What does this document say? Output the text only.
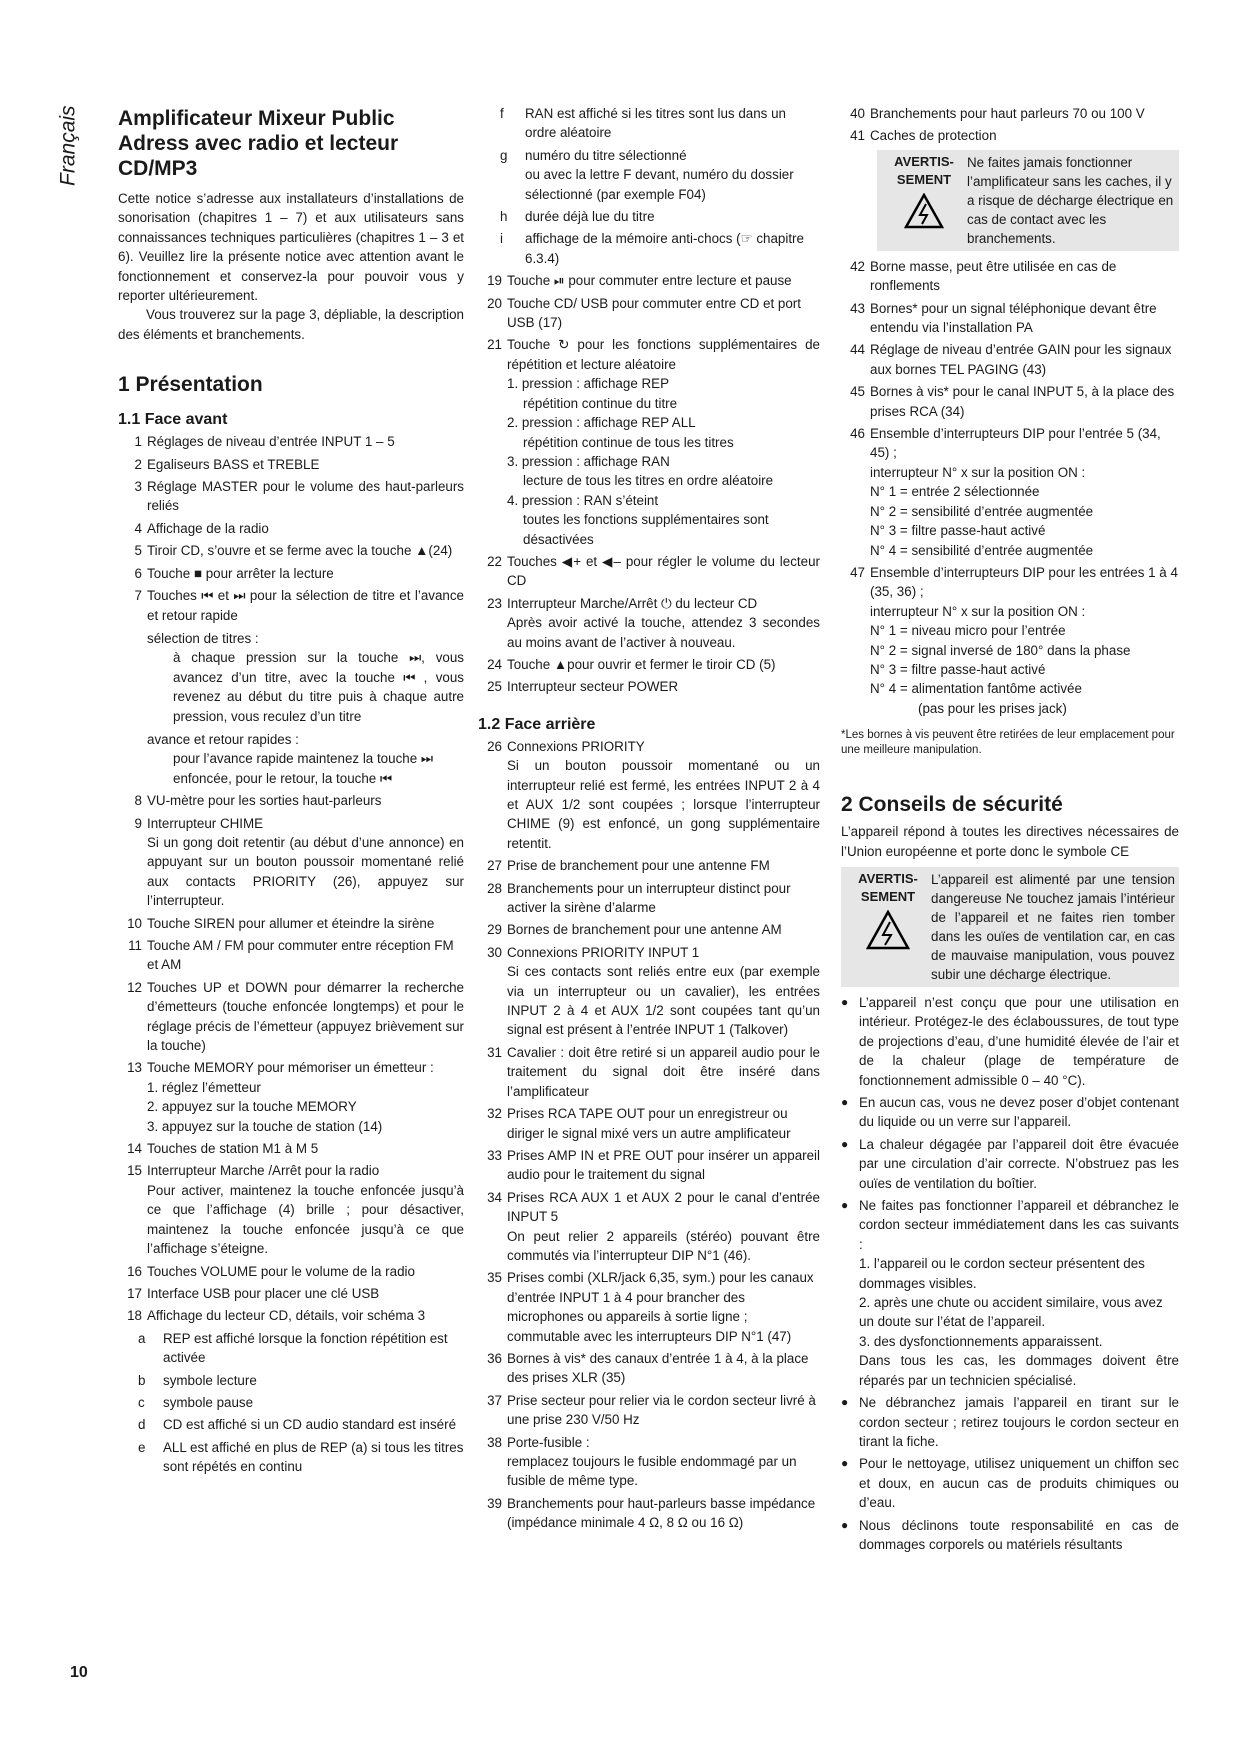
Français Amplificateur Mixeur Public Adress avec radio et lecteur CD/MP3

Cette notice s’adresse aux installateurs d’installations de sonorisation (chapitres 1 – 7) et aux utilisateurs sans connaissances techniques particulières (chapitres 1 – 3 et 6). Veuillez lire la présente notice avec attention avant le fonctionnement et conservez-la pour pouvoir vous y reporter ultérieurement.

Vous trouverez sur la page 3, dépliable, la description des éléments et branchements.

1 Présentation
1.1 Face avant
1 Réglages de niveau d’entrée INPUT 1 – 5
2 Egaliseurs BASS et TREBLE
3 Réglage MASTER pour le volume des haut-parleurs reliés
4 Affichage de la radio
5 Tiroir CD, s’ouvre et se ferme avec la touche ▲(24)
6 Touche ■ pour arrêter la lecture
7 Touches ⏮ et ⏭ pour la sélection de titre et l’avance et retour rapide
sélection de titres :
à chaque pression sur la touche ⏭, vous avancez d’un titre, avec la touche ⏮ , vous revenez au début du titre puis à chaque autre pression, vous reculez d’un titre
avance et retour rapides :
pour l’avance rapide maintenez la touche ⏭ enfoncée, pour le retour, la touche ⏮
8 VU-mètre pour les sorties haut-parleurs
9 Interrupteur CHIME
Si un gong doit retentir (au début d’une annonce) en appuyant sur un bouton poussoir momentané relié aux contacts PRIORITY (26), appuyez sur l’interrupteur.
10 Touche SIREN pour allumer et éteindre la sirène
11 Touche AM / FM pour commuter entre réception FM et AM
12 Touches UP et DOWN pour démarrer la recherche d’émetteurs (touche enfoncée longtemps) et pour le réglage précis de l’émetteur (appuyez brièvement sur la touche)
13 Touche MEMORY pour mémoriser un émetteur :
1. réglez l’émetteur
2. appuyez sur la touche MEMORY
3. appuyez sur la touche de station (14)
14 Touches de station M1 à M 5
15 Interrupteur Marche /Arrêt pour la radio
Pour activer, maintenez la touche enfoncée jusqu’à ce que l’affichage (4) brille ; pour désactiver, maintenez la touche enfoncée jusqu’à ce que l’affichage s’éteigne.
16 Touches VOLUME pour le volume de la radio
17 Interface USB pour placer une clé USB
18 Affichage du lecteur CD, détails, voir schéma 3
a	REP est affiché lorsque la fonction répétition est activée
b	symbole lecture
c	symbole pause
d	CD est affiché si un CD audio standard est inséré
e	ALL est affiché en plus de REP (a) si tous les titres sont répétés en continu
f	RAN est affiché si les titres sont lus dans un ordre aléatoire
g	numéro du titre sélectionné
ou avec la lettre F devant, numéro du dossier sélectionné (par exemple F04)
h	durée déjà lue du titre
i	affichage de la mémoire anti-chocs (☞ chapitre 6.3.4)
19 Touche ⏯ pour commuter entre lecture et pause
20 Touche CD/ USB pour commuter entre CD et port USB (17)
21 Touche ↻ pour les fonctions supplémentaires de répétition et lecture aléatoire
1. pression : affichage REP
répétition continue du titre
2. pression : affichage REP ALL
répétition continue de tous les titres
3. pression : affichage RAN
lecture de tous les titres en ordre aléatoire
4. pression : RAN s’éteint
toutes les fonctions supplémentaires sont désactivées
22 Touches ◀+ et ◀– pour régler le volume du lecteur CD
23 Interrupteur Marche/Arrêt ⏻ du lecteur CD
Après avoir activé la touche, attendez 3 secondes au moins avant de l’activer à nouveau.
24 Touche ▲pour ouvrir et fermer le tiroir CD (5)
25 Interrupteur secteur POWER
1.2 Face arrière
26 Connexions PRIORITY
Si un bouton poussoir momentané ou un interrupteur relié est fermé, les entrées INPUT 2 à 4 et AUX 1/2 sont coupées ; lorsque l’interrupteur CHIME (9) est enfoncé, un gong supplémentaire retentit.
27 Prise de branchement pour une antenne FM
28 Branchements pour un interrupteur distinct pour activer la sirène d’alarme
29 Bornes de branchement pour une antenne AM
30 Connexions PRIORITY INPUT 1
Si ces contacts sont reliés entre eux (par exemple via un interrupteur ou un cavalier), les entrées INPUT 2 à 4 et AUX 1/2 sont coupées tant qu’un signal est présent à l’entrée INPUT 1 (Talkover)
31 Cavalier : doit être retiré si un appareil audio pour le traitement du signal doit être inséré dans l’amplificateur
32 Prises RCA TAPE OUT pour un enregistreur ou diriger le signal mixé vers un autre amplificateur
33 Prises AMP IN et PRE OUT pour insérer un appareil audio pour le traitement du signal
34 Prises RCA AUX 1 et AUX 2 pour le canal d’entrée INPUT 5
On peut relier 2 appareils (stéréo) pouvant être commutés via l’interrupteur DIP N°1 (46).
35 Prises combi (XLR/jack 6,35, sym.) pour les canaux d’entrée INPUT 1 à 4 pour brancher des microphones ou appareils à sortie ligne ; commutable avec les interrupteurs DIP N°1 (47)
36 Bornes à vis* des canaux d’entrée 1 à 4, à la place des prises XLR (35)
37 Prise secteur pour relier via le cordon secteur livré à une prise 230 V/50 Hz
38 Porte-fusible :
remplacez toujours le fusible endommagé par un fusible de même type.
39 Branchements pour haut-parleurs basse impédance (impédance minimale 4 Ω, 8 Ω ou 16 Ω)
40 Branchements pour haut parleurs 70 ou 100 V
41 Caches de protection
AVERTIS-
SEMENT
Ne faites jamais fonctionner l’amplificateur sans les caches, il y a risque de décharge électrique en cas de contact avec les branchements.
42 Borne masse, peut être utilisée en cas de ronflements
43 Bornes* pour un signal téléphonique devant être entendu via l’installation PA
44 Réglage de niveau d’entrée GAIN pour les signaux aux bornes TEL PAGING (43)
45 Bornes à vis* pour le canal INPUT 5, à la place des prises RCA (34)
46 Ensemble d’interrupteurs DIP pour l’entrée 5 (34, 45) ;
interrupteur N° x sur la position ON :
N° 1 = entrée 2 sélectionnée
N° 2 = sensibilité d’entrée augmentée
N° 3 = filtre passe-haut activé
N° 4 = sensibilité d’entrée augmentée
47 Ensemble d’interrupteurs DIP pour les entrées 1 à 4 (35, 36) ;
interrupteur N° x sur la position ON :
N° 1 = niveau micro pour l’entrée
N° 2 = signal inversé de 180° dans la phase
N° 3 = filtre passe-haut activé
N° 4 = alimentation fantôme activée
(pas pour les prises jack)

*Les bornes à vis peuvent être retirées de leur emplacement pour une meilleure manipulation.

2 Conseils de sécurité

L’appareil répond à toutes les directives nécessaires de l’Union européenne et porte donc le symbole CE

AVERTIS-
SEMENT
L’appareil est alimenté par une tension dangereuse Ne touchez jamais l’intérieur de l’appareil et ne faites rien tomber dans les ouïes de ventilation car, en cas de mauvaise manipulation, vous pouvez subir une décharge électrique.
● L’appareil n’est conçu que pour une utilisation en intérieur. Protégez-le des éclaboussures, de tout type de projections d’eau, d’une humidité élevée de l’air et de la chaleur (plage de température de fonctionnement admissible 0 – 40 °C).
● En aucun cas, vous ne devez poser d’objet contenant du liquide ou un verre sur l’appareil.
● La chaleur dégagée par l’appareil doit être évacuée par une circulation d’air correcte. N’obstruez pas les ouïes de ventilation du boîtier.
● Ne faites pas fonctionner l’appareil et débranchez le cordon secteur immédiatement dans les cas suivants :
1. l’appareil ou le cordon secteur présentent des dommages visibles.
2. après une chute ou accident similaire, vous avez un doute sur l’état de l’appareil.
3. des dysfonctionnements apparaissent.
Dans tous les cas, les dommages doivent être réparés par un technicien spécialisé.
● Ne débranchez jamais l’appareil en tirant sur le cordon secteur ; retirez toujours le cordon secteur en tirant la fiche.
● Pour le nettoyage, utilisez uniquement un chiffon sec et doux, en aucun cas de produits chimiques ou d’eau.
● Nous déclinons toute responsabilité en cas de dommages corporels ou matériels résultants
10
